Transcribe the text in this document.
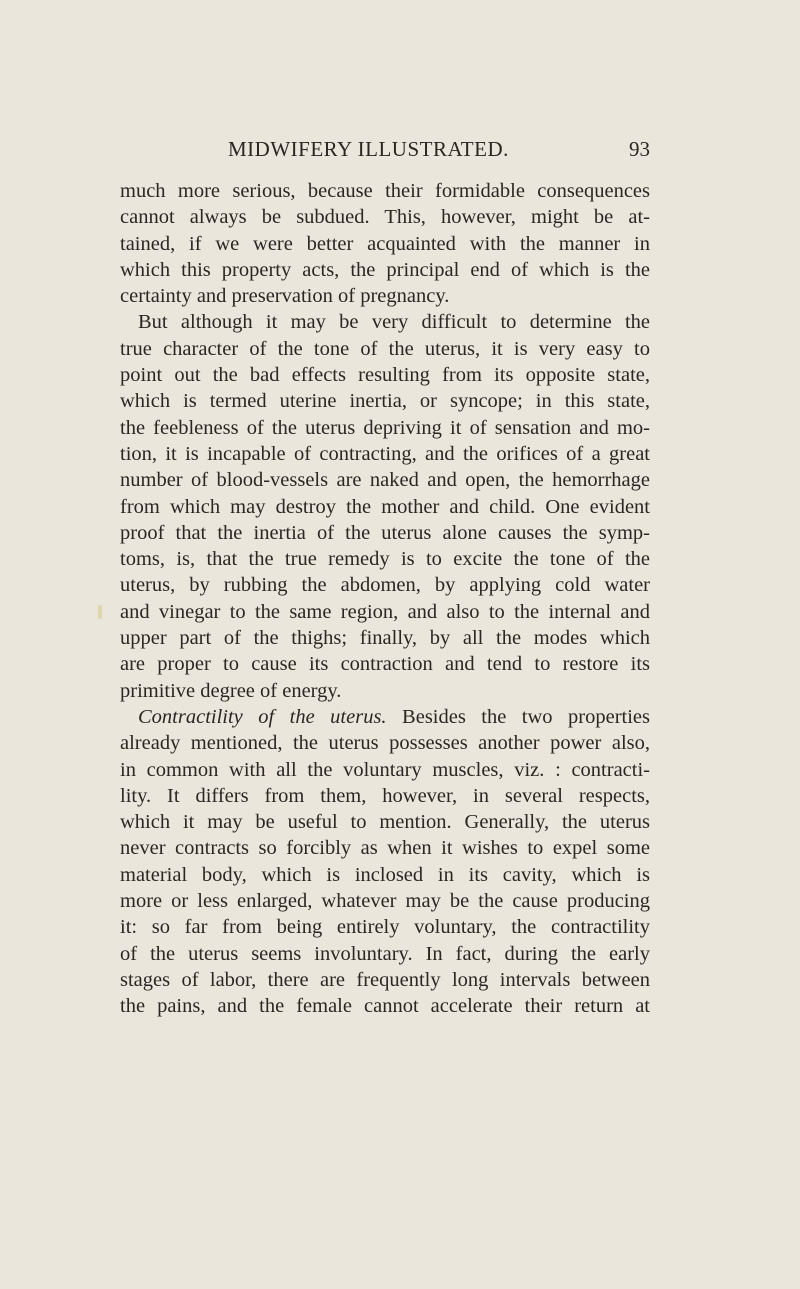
MIDWIFERY ILLUSTRATED.	93
much more serious, because their formidable consequences
cannot always be subdued. This, however, might be at-
tained, if we were better acquainted with the manner in
which this property acts, the principal end of which is the
certainty and preservation of pregnancy.
But although it may be very difficult to determine the
true character of the tone of the uterus, it is very easy to
point out the bad effects resulting from its opposite state,
which is termed uterine inertia, or syncope; in this state,
the feebleness of the uterus depriving it of sensation and mo-
tion, it is incapable of contracting, and the orifices of a great
number of blood-vessels are naked and open, the hemorrhage
from which may destroy the mother and child. One evident
proof that the inertia of the uterus alone causes the symp-
toms, is, that the true remedy is to excite the tone of the
uterus, by rubbing the abdomen, by applying cold water
and vinegar to the same region, and also to the internal and
upper part of the thighs; finally, by all the modes which
are proper to cause its contraction and tend to restore its
primitive degree of energy.
Contractility of the uterus. Besides the two properties
already mentioned, the uterus possesses another power also,
in common with all the voluntary muscles, viz. : contracti-
lity. It differs from them, however, in several respects,
which it may be useful to mention. Generally, the uterus
never contracts so forcibly as when it wishes to expel some
material body, which is inclosed in its cavity, which is
more or less enlarged, whatever may be the cause producing
it: so far from being entirely voluntary, the contractility
of the uterus seems involuntary. In fact, during the early
stages of labor, there are frequently long intervals between
the pains, and the female cannot accelerate their return at
